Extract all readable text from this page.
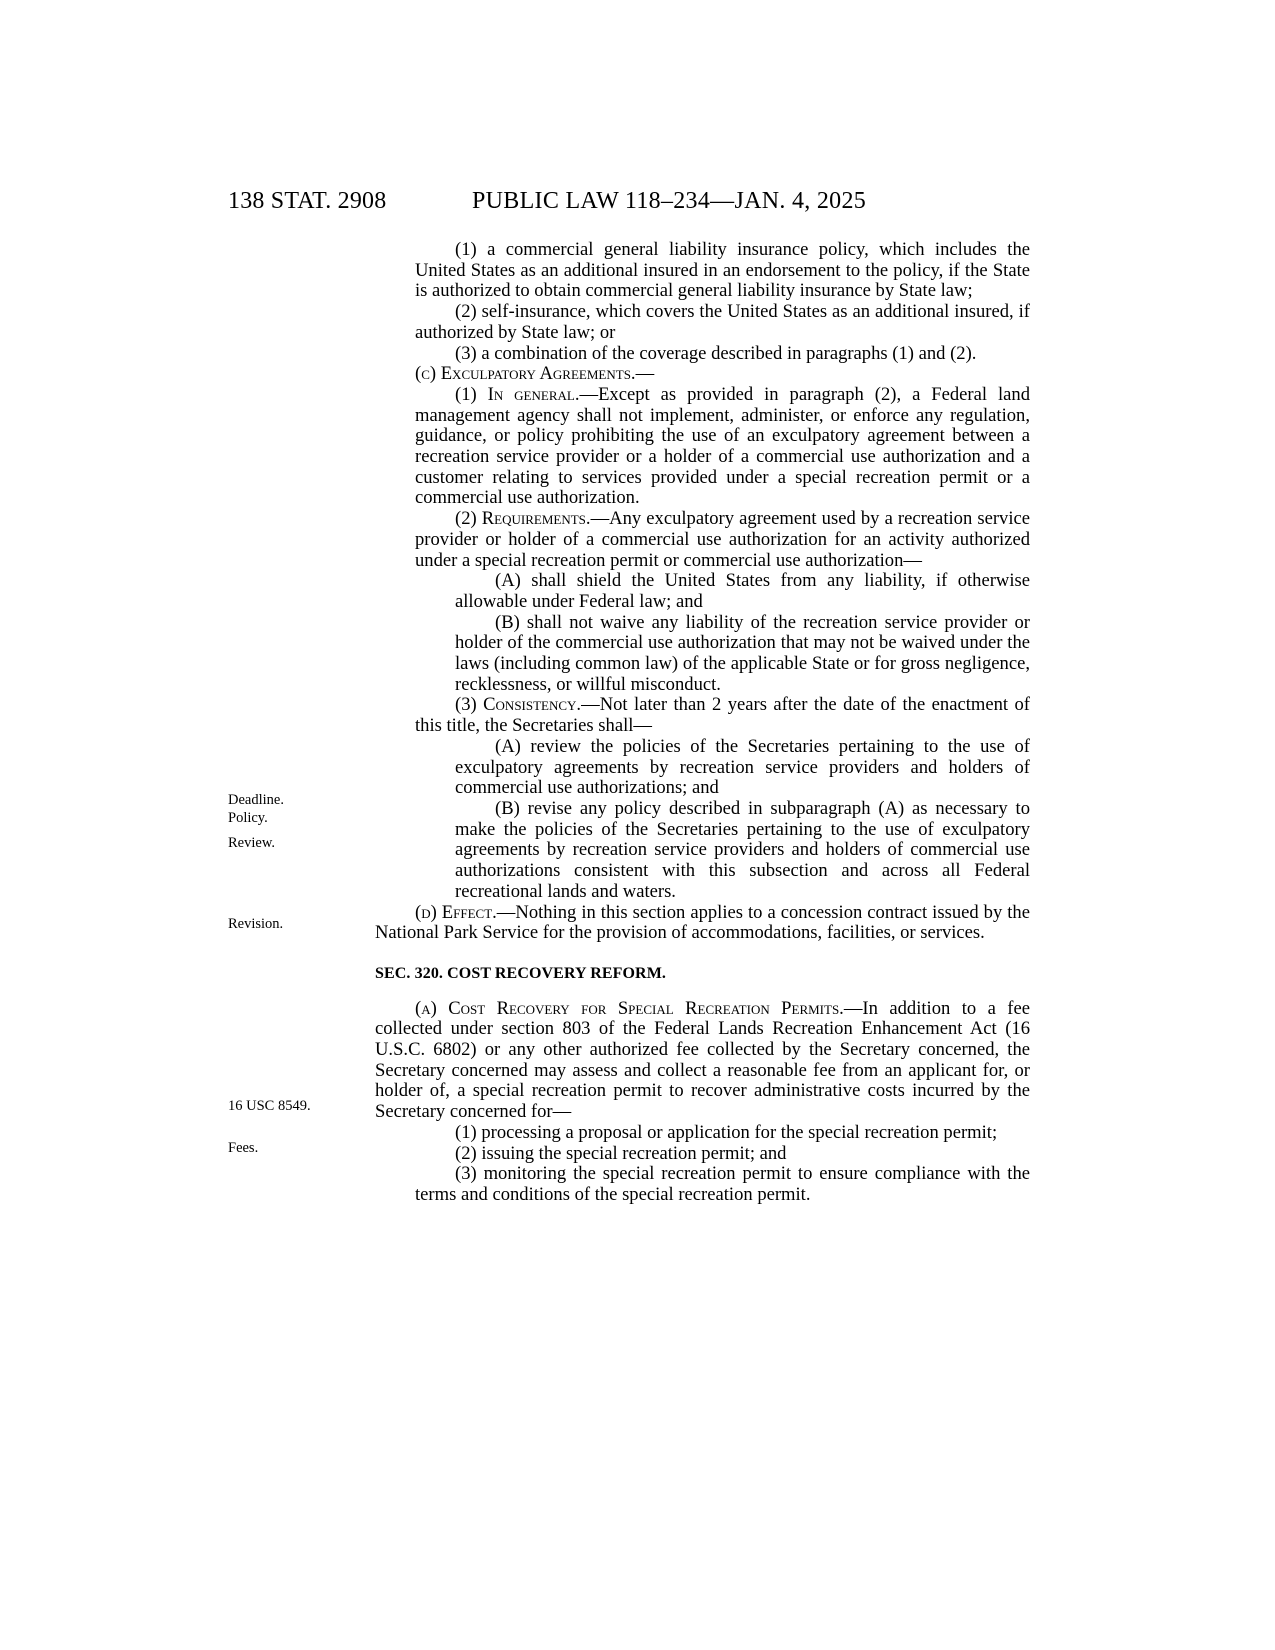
138 STAT. 2908	PUBLIC LAW 118–234—JAN. 4, 2025
Deadline.
Policy.
Review.
Revision.
16 USC 8549.
Fees.

(1) a commercial general liability insurance policy, which includes the United States as an additional insured in an endorsement to the policy, if the State is authorized to obtain commercial general liability insurance by State law;

(2) self-insurance, which covers the United States as an additional insured, if authorized by State law; or

(3) a combination of the coverage described in paragraphs (1) and (2).

(c) Exculpatory Agreements.—

(1) In general.—Except as provided in paragraph (2), a Federal land management agency shall not implement, administer, or enforce any regulation, guidance, or policy prohibiting the use of an exculpatory agreement between a recreation service provider or a holder of a commercial use authorization and a customer relating to services provided under a special recreation permit or a commercial use authorization.

(2) Requirements.—Any exculpatory agreement used by a recreation service provider or holder of a commercial use authorization for an activity authorized under a special recreation permit or commercial use authorization—

(A) shall shield the United States from any liability, if otherwise allowable under Federal law; and

(B) shall not waive any liability of the recreation service provider or holder of the commercial use authorization that may not be waived under the laws (including common law) of the applicable State or for gross negligence, recklessness, or willful misconduct.

(3) Consistency.—Not later than 2 years after the date of the enactment of this title, the Secretaries shall—

(A) review the policies of the Secretaries pertaining to the use of exculpatory agreements by recreation service providers and holders of commercial use authorizations; and

(B) revise any policy described in subparagraph (A) as necessary to make the policies of the Secretaries pertaining to the use of exculpatory agreements by recreation service providers and holders of commercial use authorizations consistent with this subsection and across all Federal recreational lands and waters.

(d) Effect.—Nothing in this section applies to a concession contract issued by the National Park Service for the provision of accommodations, facilities, or services.

SEC. 320. COST RECOVERY REFORM.

(a) Cost Recovery for Special Recreation Permits.—In addition to a fee collected under section 803 of the Federal Lands Recreation Enhancement Act (16 U.S.C. 6802) or any other authorized fee collected by the Secretary concerned, the Secretary concerned may assess and collect a reasonable fee from an applicant for, or holder of, a special recreation permit to recover administrative costs incurred by the Secretary concerned for—

(1) processing a proposal or application for the special recreation permit;

(2) issuing the special recreation permit; and

(3) monitoring the special recreation permit to ensure compliance with the terms and conditions of the special recreation permit.
